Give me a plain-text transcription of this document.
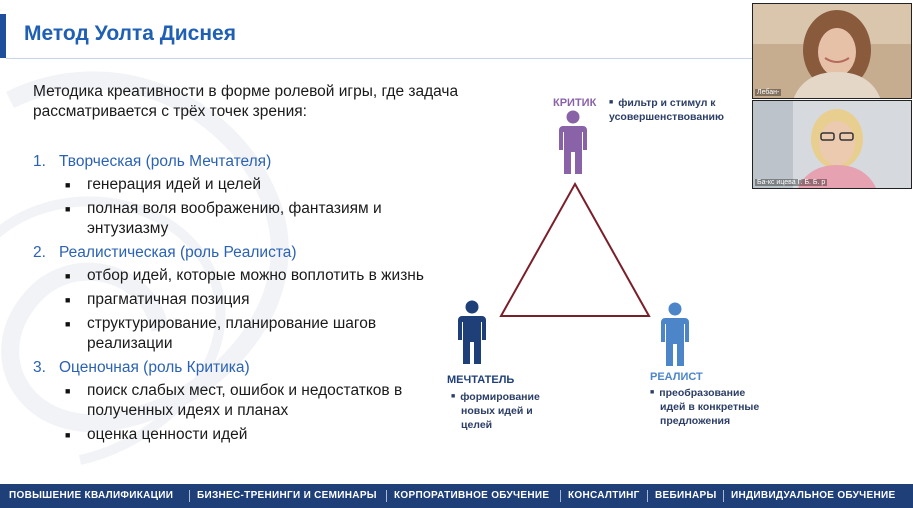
Метод Уолта Диснея
Методика креативности в форме ролевой игры, где задача рассматривается с трёх точек зрения:
1. Творческая (роль Мечтателя)
■ генерация идей и целей
■ полная воля воображению, фантазиям и энтузиазму
2. Реалистическая (роль Реалиста)
■ отбор идей, которые можно воплотить в жизнь
■ прагматичная позиция
■ структурирование, планирование шагов реализации
3. Оценочная (роль Критика)
■ поиск слабых мест, ошибок и недостатков в полученных идеях и планах
■ оценка ценности идей
КРИТИК ■ фильтр и стимул к усовершенствованию
МЕЧТАТЕЛЬ
■ формирование новых идей и целей
РЕАЛИСТ
■ преобразование идей в конкретные предложения
ПОВЫШЕНИЕ КВАЛИФИКАЦИИ БИЗНЕС-ТРЕНИНГИ И СЕМИНАРЫ КОРПОРАТИВНОЕ ОБУЧЕНИЕ КОНСАЛТИНГ ВЕБИНАРЫ ИНДИВИДУАЛЬНОЕ ОБУЧЕНИЕ
Лебан-
Ба-кс ицева Г. Б. Б. р
